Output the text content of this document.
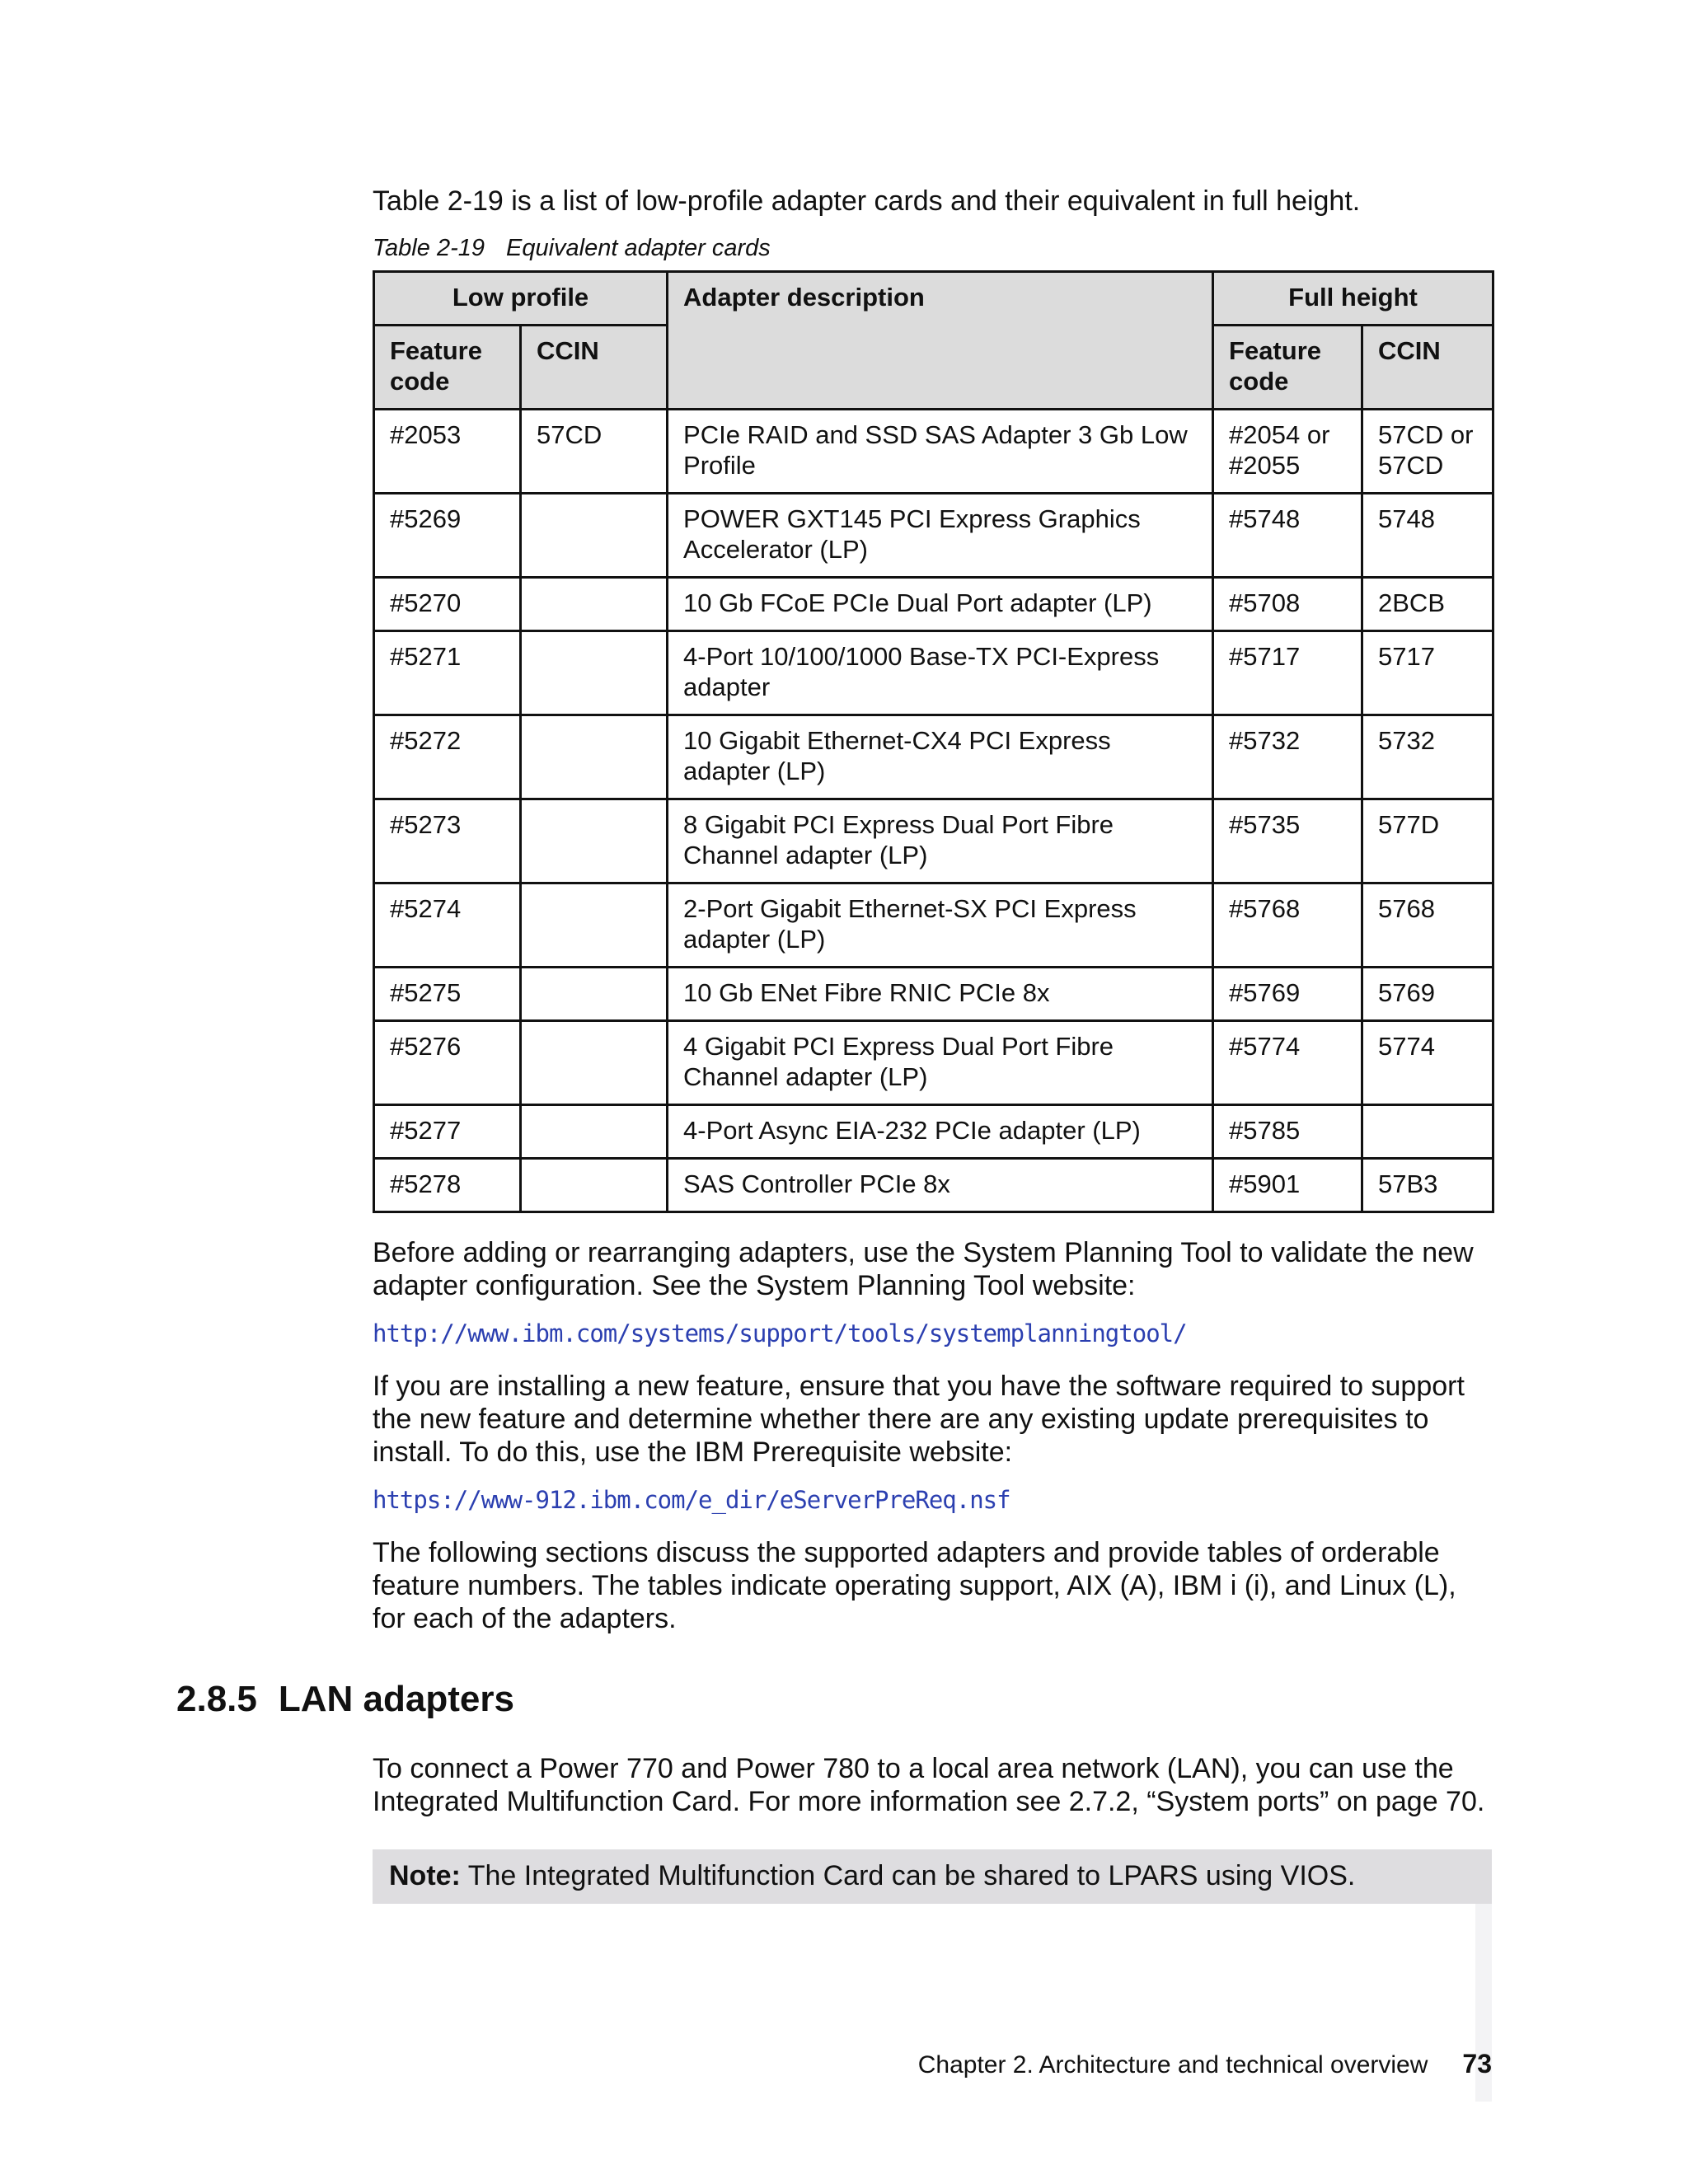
Table 2-19 is a list of low-profile adapter cards and their equivalent in full height.

Table 2-19 Equivalent adapter cards

Low profile		Adapter description	Full height	
Feature code	CCIN		Feature code	CCIN
#2053	57CD	PCIe RAID and SSD SAS Adapter 3 Gb Low Profile	#2054 or #2055	57CD or 57CD
#5269		POWER GXT145 PCI Express Graphics Accelerator (LP)	#5748	5748
#5270		10 Gb FCoE PCIe Dual Port adapter (LP)	#5708	2BCB
#5271		4-Port 10/100/1000 Base-TX PCI-Express adapter	#5717	5717
#5272		10 Gigabit Ethernet-CX4 PCI Express adapter (LP)	#5732	5732
#5273		8 Gigabit PCI Express Dual Port Fibre Channel adapter (LP)	#5735	577D
#5274		2-Port Gigabit Ethernet-SX PCI Express adapter (LP)	#5768	5768
#5275		10 Gb ENet Fibre RNIC PCIe 8x	#5769	5769
#5276		4 Gigabit PCI Express Dual Port Fibre Channel adapter (LP)	#5774	5774
#5277		4-Port Async EIA-232 PCIe adapter (LP)	#5785	
#5278		SAS Controller PCIe 8x	#5901	57B3

Before adding or rearranging adapters, use the System Planning Tool to validate the new adapter configuration. See the System Planning Tool website:

http://www.ibm.com/systems/support/tools/systemplanningtool/

If you are installing a new feature, ensure that you have the software required to support the new feature and determine whether there are any existing update prerequisites to install. To do this, use the IBM Prerequisite website:

https://www-912.ibm.com/e_dir/eServerPreReq.nsf

The following sections discuss the supported adapters and provide tables of orderable feature numbers. The tables indicate operating support, AIX (A), IBM i (i), and Linux (L), for each of the adapters.

2.8.5 LAN adapters

To connect a Power 770 and Power 780 to a local area network (LAN), you can use the Integrated Multifunction Card. For more information see 2.7.2, “System ports” on page 70.

Note: The Integrated Multifunction Card can be shared to LPARS using VIOS.
Chapter 2. Architecture and technical overview 73
